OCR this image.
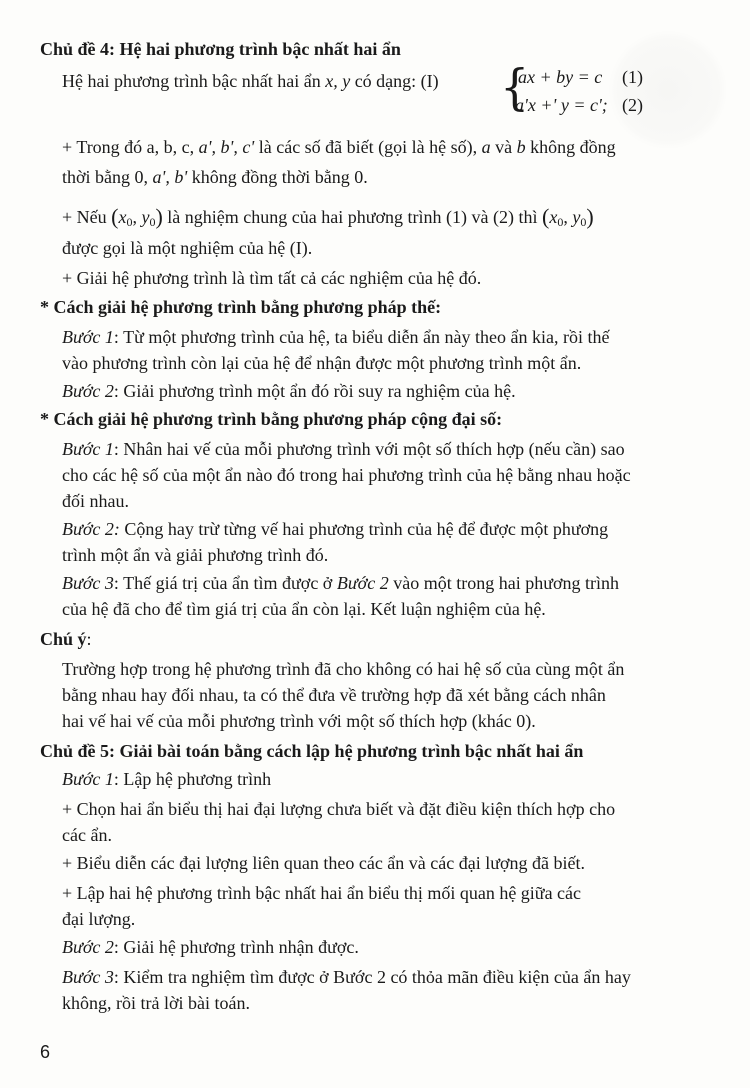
Chủ đề 4: Hệ hai phương trình bậc nhất hai ẩn
Hệ hai phương trình bậc nhất hai ẩn x, y có dạng: (I) {
ax + by = c (1)
a'x +' y = c'; (2)
+ Trong đó a, b, c, a', b', c' là các số đã biết (gọi là hệ số), a và b không đồng
thời bằng 0, a', b' không đồng thời bằng 0.
+ Nếu ($x_0$, $y_0$) là nghiệm chung của hai phương trình (1) và (2) thì ($x_0$, $y_0$)
được gọi là một nghiệm của hệ (I).
+ Giải hệ phương trình là tìm tất cả các nghiệm của hệ đó.
* Cách giải hệ phương trình bằng phương pháp thế:
Bước 1: Từ một phương trình của hệ, ta biểu diễn ẩn này theo ẩn kia, rồi thế
vào phương trình còn lại của hệ để nhận được một phương trình một ẩn.
Bước 2: Giải phương trình một ẩn đó rồi suy ra nghiệm của hệ.
* Cách giải hệ phương trình bằng phương pháp cộng đại số:
Bước 1: Nhân hai vế của mỗi phương trình với một số thích hợp (nếu cần) sao
cho các hệ số của một ẩn nào đó trong hai phương trình của hệ bằng nhau hoặc
đối nhau.
Bước 2: Cộng hay trừ từng vế hai phương trình của hệ để được một phương
trình một ẩn và giải phương trình đó.
Bước 3: Thế giá trị của ẩn tìm được ở Bước 2 vào một trong hai phương trình
của hệ đã cho để tìm giá trị của ẩn còn lại. Kết luận nghiệm của hệ.
Chú ý:
Trường hợp trong hệ phương trình đã cho không có hai hệ số của cùng một ẩn
bằng nhau hay đối nhau, ta có thể đưa về trường hợp đã xét bằng cách nhân
hai vế hai vế của mỗi phương trình với một số thích hợp (khác 0).
Chủ đề 5: Giải bài toán bằng cách lập hệ phương trình bậc nhất hai ẩn
Bước 1: Lập hệ phương trình
+ Chọn hai ẩn biểu thị hai đại lượng chưa biết và đặt điều kiện thích hợp cho
các ẩn.
+ Biểu diễn các đại lượng liên quan theo các ẩn và các đại lượng đã biết.
+ Lập hai hệ phương trình bậc nhất hai ẩn biểu thị mối quan hệ giữa các
đại lượng.
Bước 2: Giải hệ phương trình nhận được.
Bước 3: Kiểm tra nghiệm tìm được ở Bước 2 có thỏa mãn điều kiện của ẩn hay
không, rồi trả lời bài toán.
6
